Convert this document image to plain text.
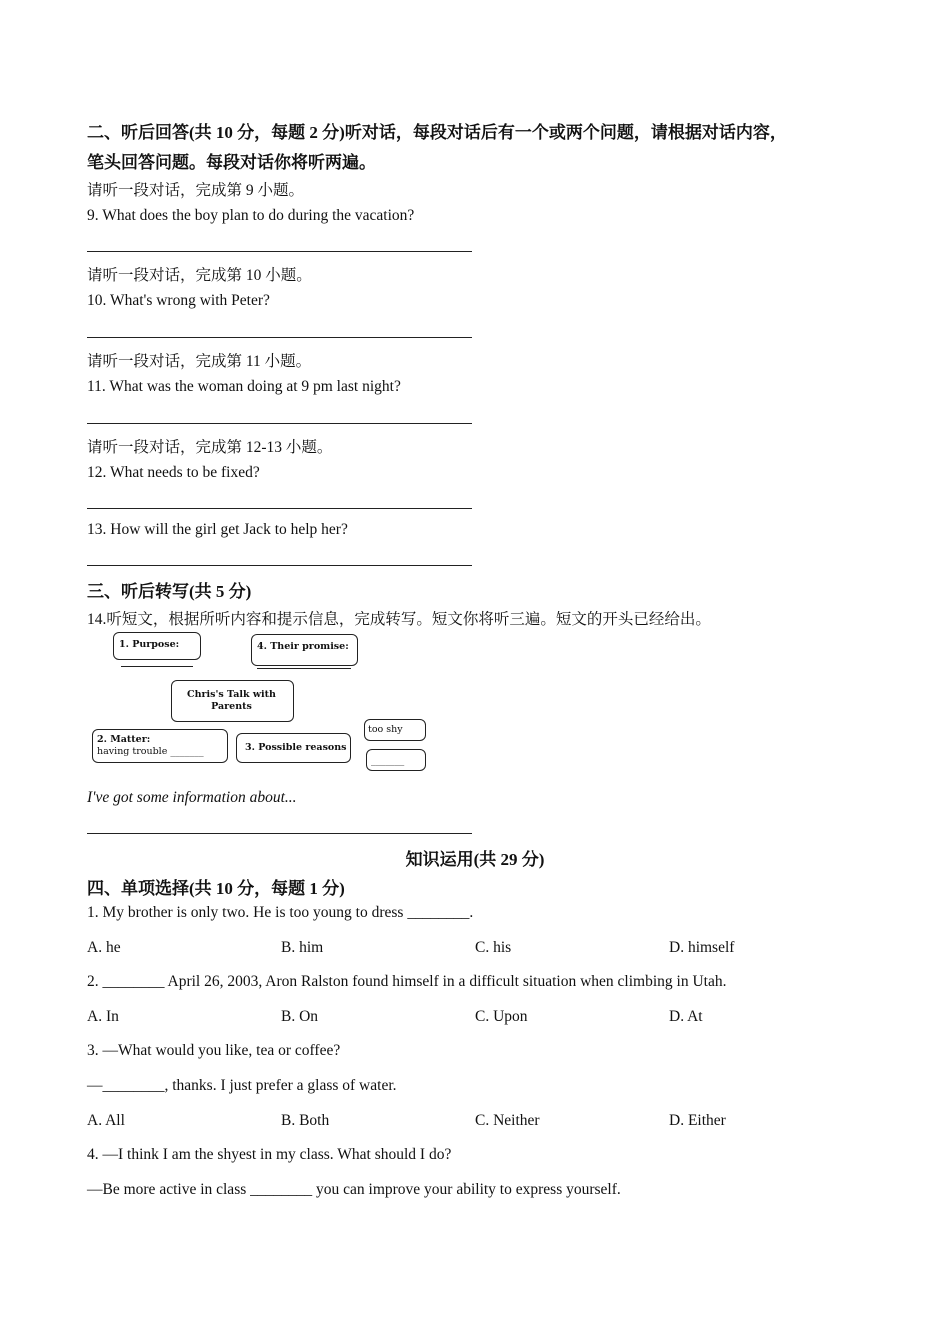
二、听后回答(共 10 分，每题 2 分)听对话，每段对话后有一个或两个问题，请根据对话内容，
笔头回答问题。每段对话你将听两遍。
请听一段对话，完成第 9 小题。
9. What does the boy plan to do during the vacation?
请听一段对话，完成第 10 小题。
10. What's wrong with Peter?
请听一段对话，完成第 11 小题。
11. What was the woman doing at 9 pm last night?
请听一段对话，完成第 12-13 小题。
12. What needs to be fixed?
13. How will the girl get Jack to help her?
三、听后转写(共 5 分)
14.听短文，根据所听内容和提示信息，完成转写。短文你将听三遍。短文的开头已经给出。
1. Purpose:	4. Their promise:
Chris's Talk with
Parents
2. Matter:
having trouble _______	3. Possible reasons
too shy
_______
I've got some information about...
知识运用(共 29 分)
四、单项选择(共 10 分，每题 1 分)
1. My brother is only two. He is too young to dress ________.
A. he	B. him	C. his	D. himself
2. ________ April 26, 2003, Aron Ralston found himself in a difficult situation when climbing in Utah.
A. In	B. On	C. Upon	D. At
3. —What would you like, tea or coffee?
—________, thanks. I just prefer a glass of water.
A. All	B. Both	C. Neither	D. Either
4. —I think I am the shyest in my class. What should I do?
—Be more active in class ________ you can improve your ability to express yourself.
